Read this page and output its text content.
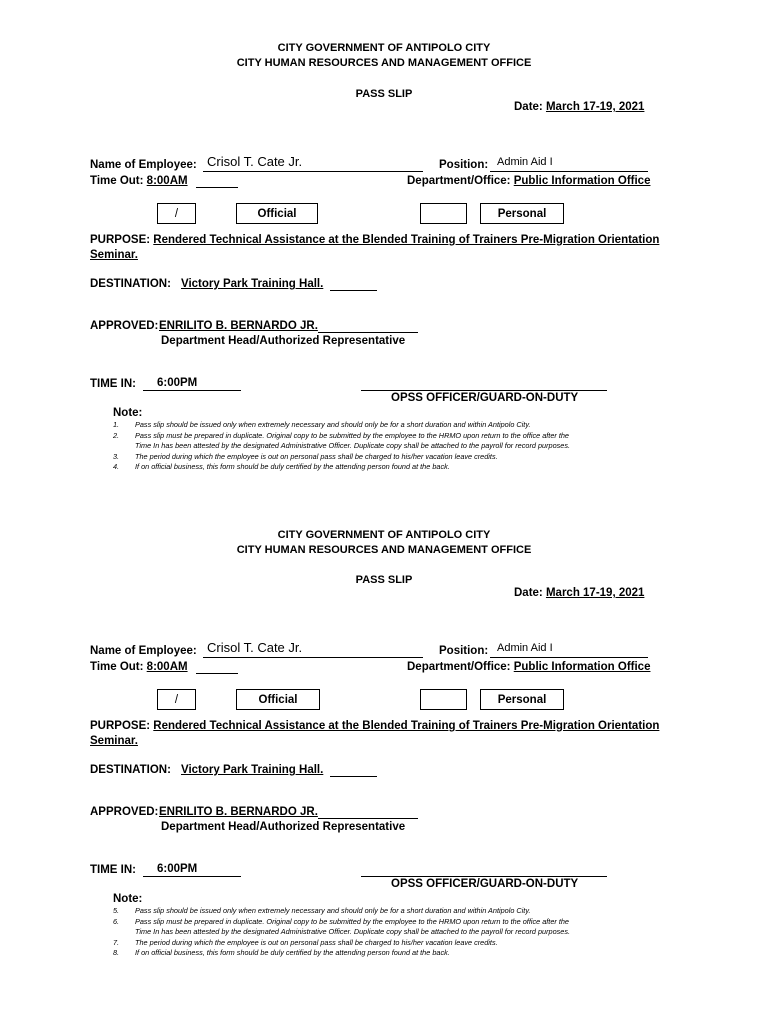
CITY GOVERNMENT OF ANTIPOLO CITY
CITY HUMAN RESOURCES AND MANAGEMENT OFFICE
PASS SLIP
Date: March 17-19, 2021
Name of Employee: Crisol T. Cate Jr.	Position: Admin Aid I
Time Out: 8:00AM	Department/Office: Public Information Office
/	Official	Personal
PURPOSE: Rendered Technical Assistance at the Blended Training of Trainers Pre-Migration Orientation
Seminar.
DESTINATION: Victory Park Training Hall.
APPROVED: ENRILITO B. BERNARDO JR.
Department Head/Authorized Representative
TIME IN: 6:00PM
OPSS OFFICER/GUARD-ON-DUTY
Note:
1. Pass slip should be issued only when extremely necessary and should only be for a short duration and within Antipolo City.
2. Pass slip must be prepared in duplicate. Original copy to be submitted by the employee to the HRMO upon return to the office after the
Time In has been attested by the designated Administrative Officer. Duplicate copy shall be attached to the payroll for record purposes.
3. The period during which the employee is out on personal pass shall be charged to his/her vacation leave credits.
4. If on official business, this form should be duly certified by the attending person found at the back.
CITY GOVERNMENT OF ANTIPOLO CITY
CITY HUMAN RESOURCES AND MANAGEMENT OFFICE
PASS SLIP
Date: March 17-19, 2021
Name of Employee: Crisol T. Cate Jr.	Position: Admin Aid I
Time Out: 8:00AM	Department/Office: Public Information Office
/	Official	Personal
PURPOSE: Rendered Technical Assistance at the Blended Training of Trainers Pre-Migration Orientation
Seminar.
DESTINATION: Victory Park Training Hall.
APPROVED: ENRILITO B. BERNARDO JR.
Department Head/Authorized Representative
TIME IN: 6:00PM
OPSS OFFICER/GUARD-ON-DUTY
Note:
5. Pass slip should be issued only when extremely necessary and should only be for a short duration and within Antipolo City.
6. Pass slip must be prepared in duplicate. Original copy to be submitted by the employee to the HRMO upon return to the office after the
Time In has been attested by the designated Administrative Officer. Duplicate copy shall be attached to the payroll for record purposes.
7. The period during which the employee is out on personal pass shall be charged to his/her vacation leave credits.
8. If on official business, this form should be duly certified by the attending person found at the back.
